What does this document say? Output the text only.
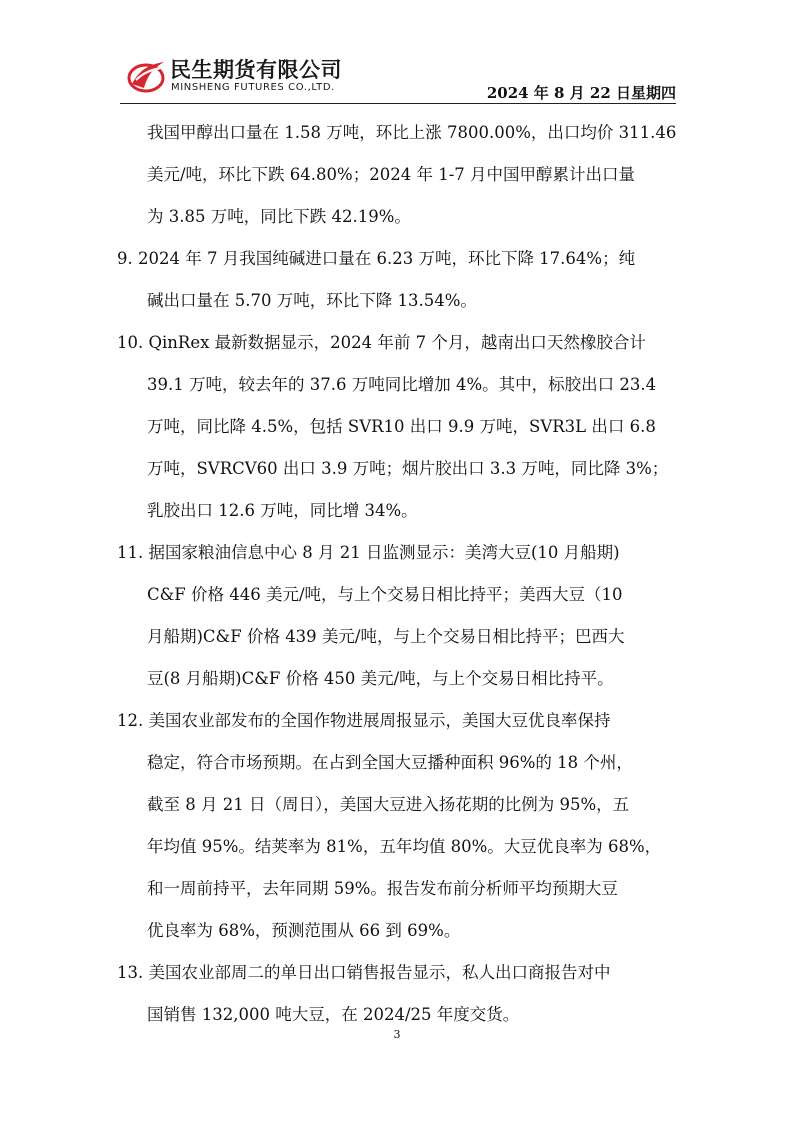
民生期货有限公司
MINSHENG FUTURES CO.,LTD.	2024 年 8 月 22 日星期四
我国甲醇出口量在 1.58 万吨，环比上涨 7800.00%，出口均价 311.46
美元/吨，环比下跌 64.80%；2024 年 1-7 月中国甲醇累计出口量
为 3.85 万吨，同比下跌 42.19%。
9. 2024 年 7 月我国纯碱进口量在 6.23 万吨，环比下降 17.64%；纯
碱出口量在 5.70 万吨，环比下降 13.54%。
10. QinRex 最新数据显示，2024 年前 7 个月，越南出口天然橡胶合计
39.1 万吨，较去年的 37.6 万吨同比增加 4%。其中，标胶出口 23.4
万吨，同比降 4.5%，包括 SVR10 出口 9.9 万吨，SVR3L 出口 6.8
万吨，SVRCV60 出口 3.9 万吨；烟片胶出口 3.3 万吨，同比降 3%；
乳胶出口 12.6 万吨，同比增 34%。
11. 据国家粮油信息中心 8 月 21 日监测显示：美湾大豆(10 月船期)
C&F 价格 446 美元/吨，与上个交易日相比持平；美西大豆（10
月船期)C&F 价格 439 美元/吨，与上个交易日相比持平；巴西大
豆(8 月船期)C&F 价格 450 美元/吨，与上个交易日相比持平。
12. 美国农业部发布的全国作物进展周报显示，美国大豆优良率保持
稳定，符合市场预期。在占到全国大豆播种面积 96%的 18 个州，
截至 8 月 21 日（周日），美国大豆进入扬花期的比例为 95%，五
年均值 95%。结荚率为 81%，五年均值 80%。大豆优良率为 68%，
和一周前持平，去年同期 59%。报告发布前分析师平均预期大豆
优良率为 68%，预测范围从 66 到 69%。
13. 美国农业部周二的单日出口销售报告显示，私人出口商报告对中
国销售 132,000 吨大豆，在 2024/25 年度交货。
3
